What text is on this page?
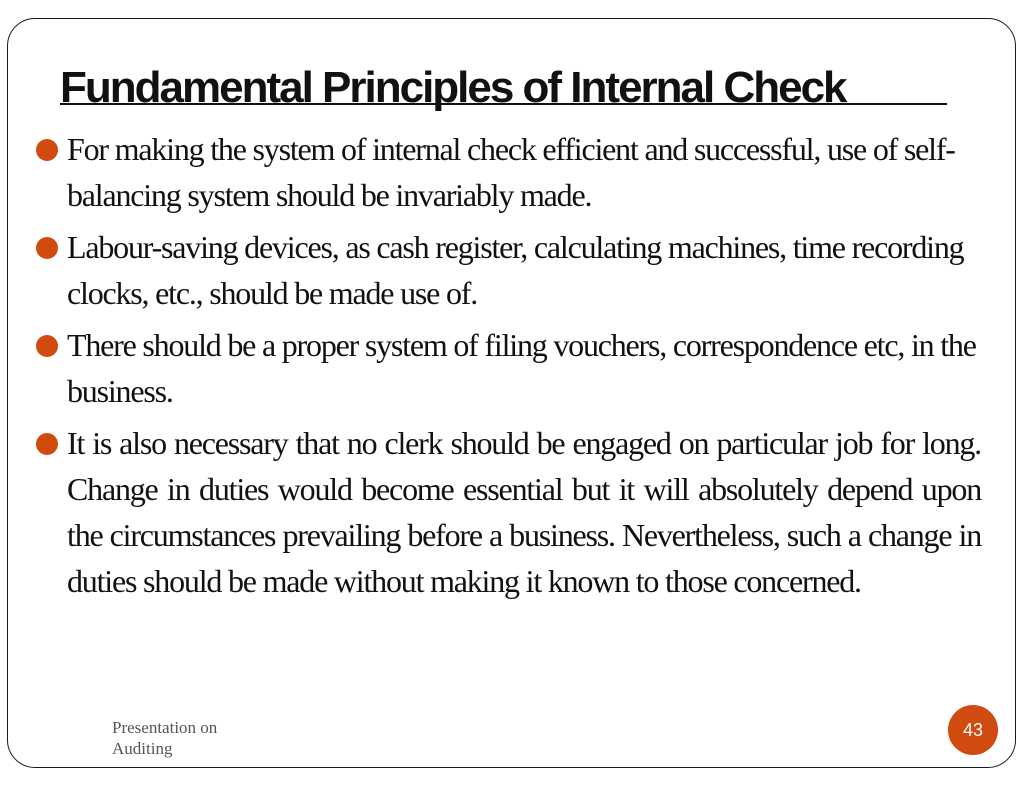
Fundamental Principles of Internal Check
For making the system of internal check efficient and successful, use of self-balancing system should be invariably made.
Labour-saving devices, as cash register, calculating machines, time recording clocks, etc., should be made use of.
There should be a proper system of filing vouchers, correspondence etc, in the business.
It is also necessary that no clerk should be engaged on particular job for long. Change in duties would become essential but it will absolutely depend upon the circumstances prevailing before a business. Nevertheless, such a change in duties should be made without making it known to those concerned.
Presentation on Auditing
43
